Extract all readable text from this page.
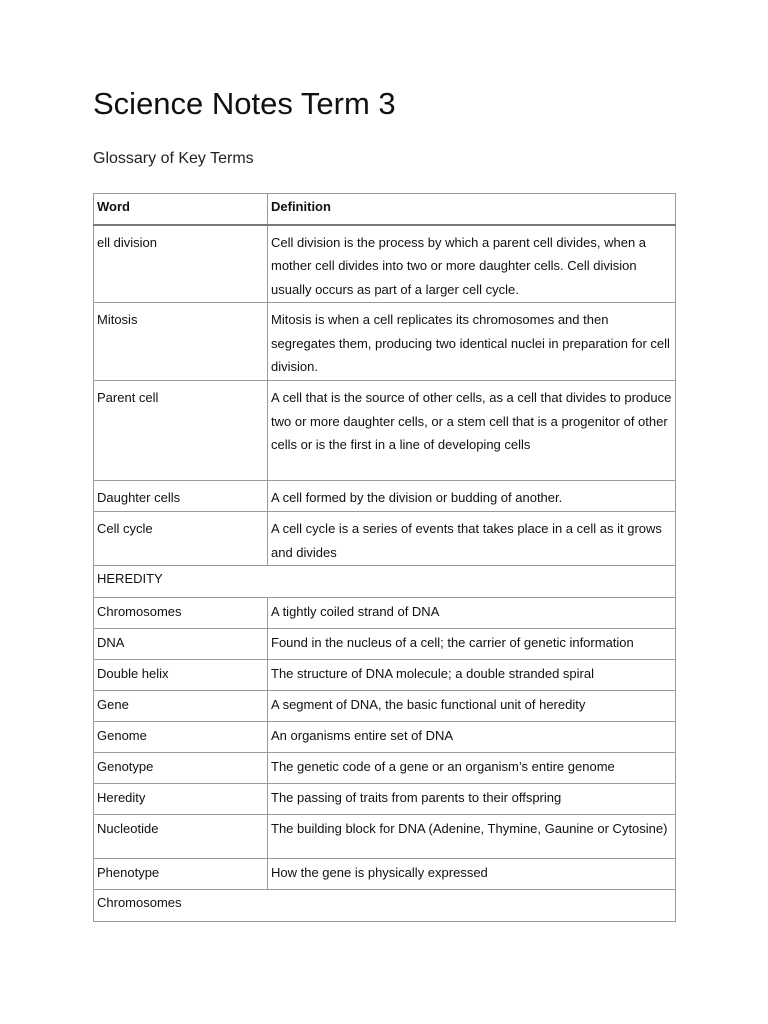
Science Notes Term 3
Glossary of Key Terms
Word	Definition
ell division	Cell division is the process by which a parent cell divides, when a mother cell divides into two or more daughter cells. Cell division usually occurs as part of a larger cell cycle.
Mitosis	Mitosis is when a cell replicates its chromosomes and then segregates them, producing two identical nuclei in preparation for cell division.
Parent cell	A cell that is the source of other cells, as a cell that divides to produce two or more daughter cells, or a stem cell that is a progenitor of other cells or is the first in a line of developing cells
Daughter cells	A cell formed by the division or budding of another.
Cell cycle	A cell cycle is a series of events that takes place in a cell as it grows and divides
HEREDITY	
Chromosomes	A tightly coiled strand of DNA
DNA	Found in the nucleus of a cell; the carrier of genetic information
Double helix	The structure of DNA molecule; a double stranded spiral
Gene	A segment of DNA, the basic functional unit of heredity
Genome	An organisms entire set of DNA
Genotype	The genetic code of a gene or an organism’s entire genome
Heredity	The passing of traits from parents to their offspring
Nucleotide	The building block for DNA (Adenine, Thymine, Gaunine or Cytosine)
Phenotype	How the gene is physically expressed
Chromosomes	
